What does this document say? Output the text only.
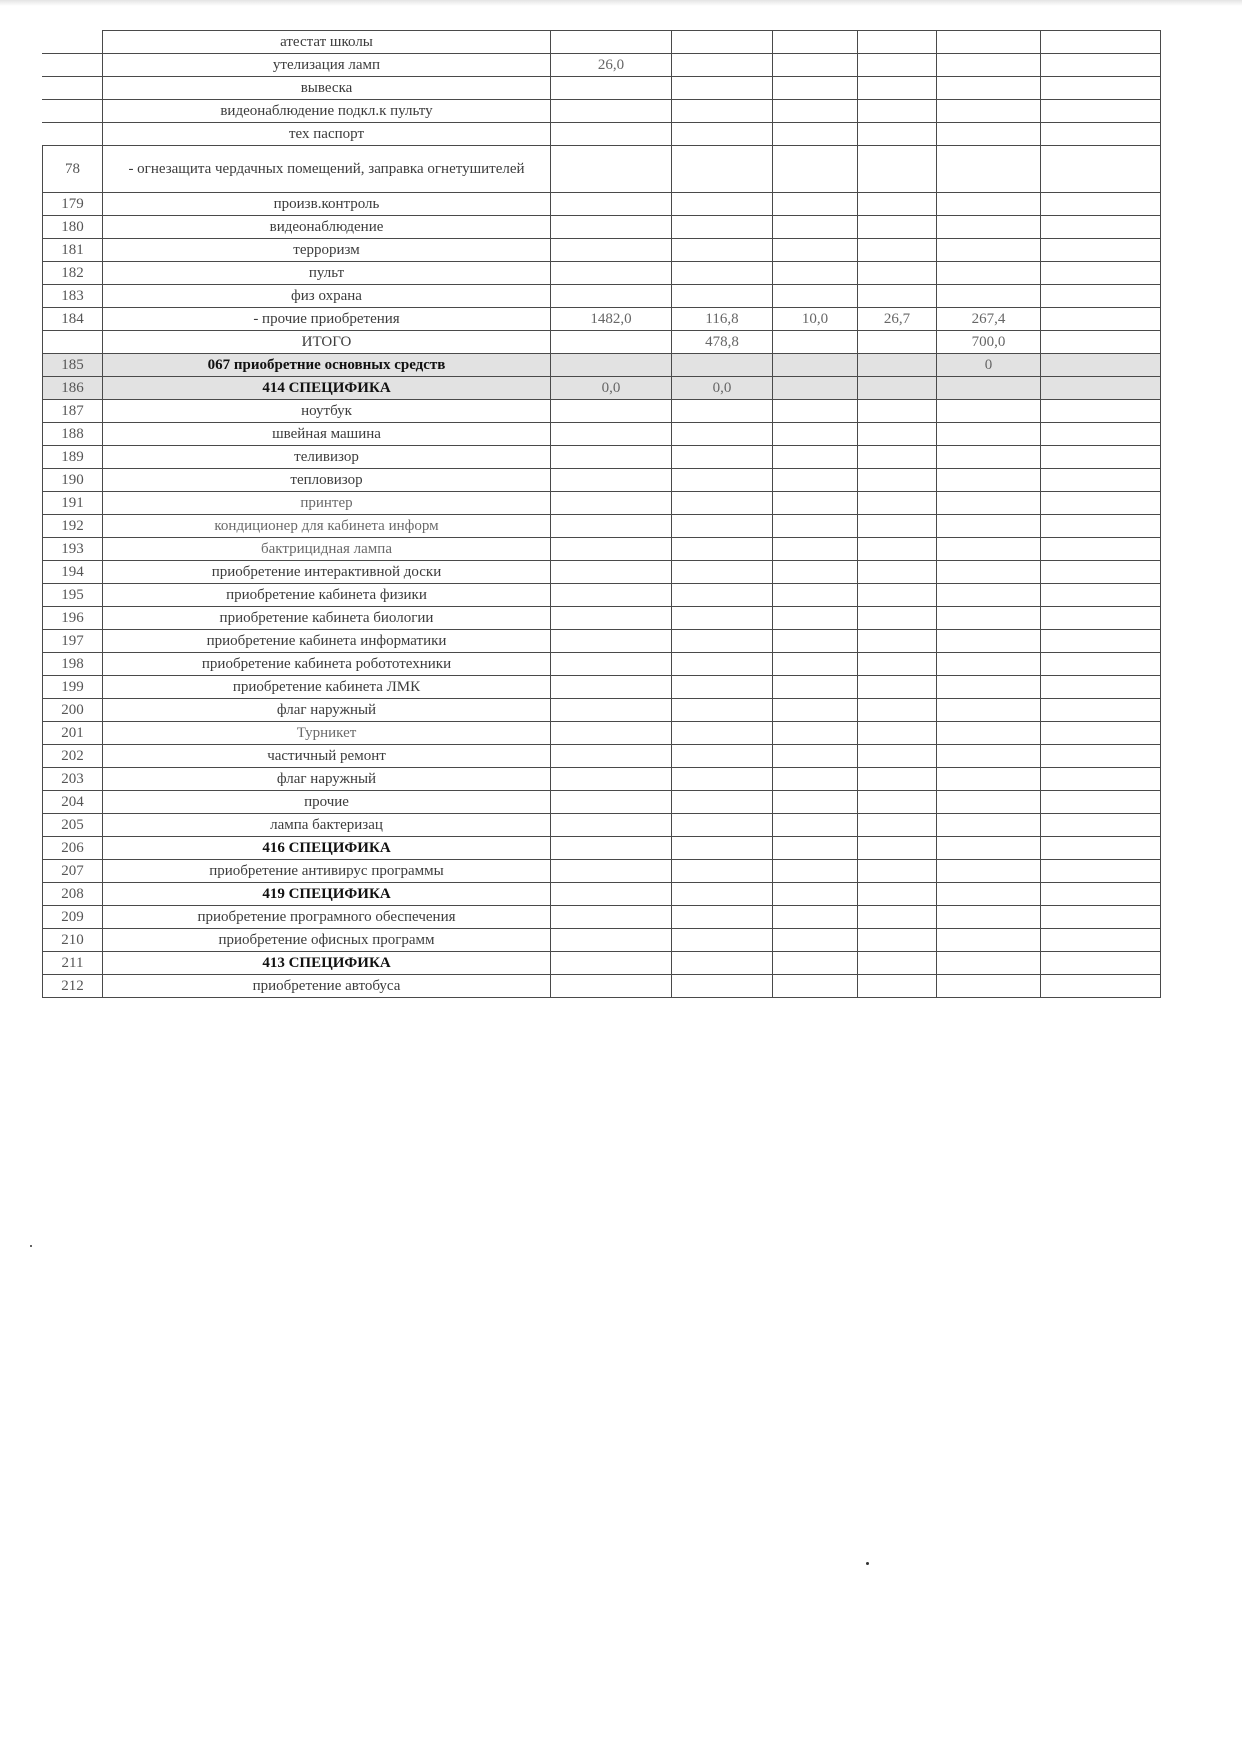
	атестат школы						
	утелизация ламп	26,0					
	вывеска						
	видеонаблюдение подкл.к пульту						
	тех паспорт						
78	- огнезащита чердачных помещений, заправка огнетушителей						
179	произв.контроль						
180	видеонаблюдение						
181	терроризм						
182	пульт						
183	физ охрана						
184	- прочие приобретения	1482,0	116,8	10,0	26,7	267,4	
	ИТОГО		478,8			700,0	
185	067 приобретние основных средств					0	
186	414 СПЕЦИФИКА	0,0	0,0				
187	ноутбук						
188	швейная машина						
189	теливизор						
190	тепловизор						
191	принтер						
192	кондиционер для кабинета информ						
193	бактрицидная лампа						
194	приобретение интерактивной доски						
195	приобретение кабинета физики						
196	приобретение кабинета биологии						
197	приобретение кабинета информатики						
198	приобретение кабинета робототехники						
199	приобретение кабинета ЛМК						
200	флаг наружный						
201	Турникет						
202	частичный ремонт						
203	флаг наружный						
204	прочие						
205	лампа бактеризац						
206	416 СПЕЦИФИКА						
207	приобретение антивирус программы						
208	419 СПЕЦИФИКА						
209	приобретение програмного обеспечения						
210	приобретение офисных программ						
211	413 СПЕЦИФИКА						
212	приобретение автобуса						
